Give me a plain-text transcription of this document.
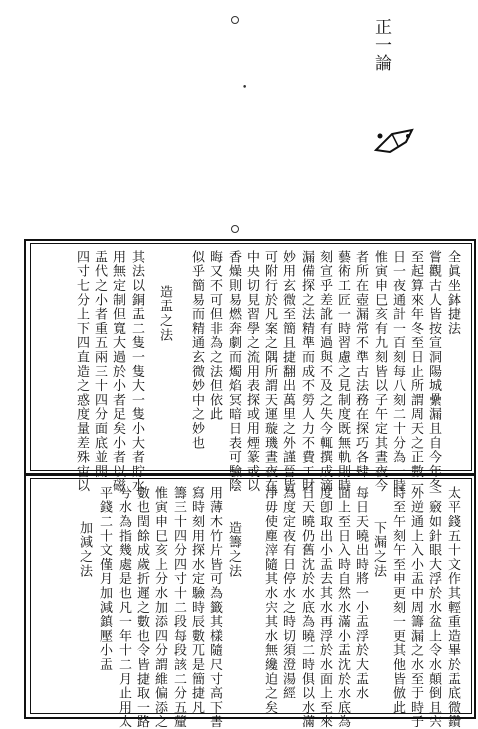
正一論
•
全眞坐鉢捷法
嘗觀古人皆按宣洞陽城纍漏且自今年冬
至起算來年冬至日止所謂周天之正數一
日一夜通計一百刻每八刻二十分為一時
惟寅申巳亥有九刻皆以子午定其晝夜今
者所在壺漏常不準古法務在探巧各肆
藝術工匠一時習慮之見制度既無軌則時
刻宣乎差訛有過與不及之失今輒撰成滴
漏備探之法精準而成不勞人力不費工財
妙用玄微至簡且捷翻出萬里之外謹晉皆
可附行於凡案之隅所謂天運璇璣晝夜在
中央切見習學之流用表探或用煙篆或以
香燥則易燃奔劇而燭焰冥暗日表可驗陰
晦又不可但非為之法但依此
似乎簡易而精通玄微妙中之妙也
造盂之法
其法以銅盂二隻一隻大一隻小大者貯水
用無定制但寬大過於小者足矣小者以磁
盂代之小者重五兩三十四分面底並開
四寸七分上下四直造之惑度量差殊宙以
太平錢五十文作其輕重造畢於盂底微鑽
一竅如針眼大浮於水盆上令水顛倒且宍
外逆通上入小盂中周籌漏之水至于時子
時至午刻午至申更刻一更其他皆倣此
下漏之法
每日天曉出時將一小盂浮於大盂水
面上至日入時自然水滿小盂沈於水底為
度卽取出小盂去其水再浮於水面上至來
日天曉仍舊沈於水底為曉二時俱以水滿
為度定夜有日停水之時切須澄湯經
淨毋使塵滓隨其水宍其水無纔迫之矣
造籌之法
用薄木竹片皆可為籤其樣隨尺寸高下書
寫時刻用探水定驗時辰數兀是簡捷凡
籌三十四分四寸十二段每段該二分五釐
惟寅申巳亥上分水加添四分謂維偏添之
數也閏餘成歲折遲之數也令皆捷取一路
兮水為指幾處是也凡一年十二月止用太
平錢二十文僅月加減鎮壓小盂
加減之法
